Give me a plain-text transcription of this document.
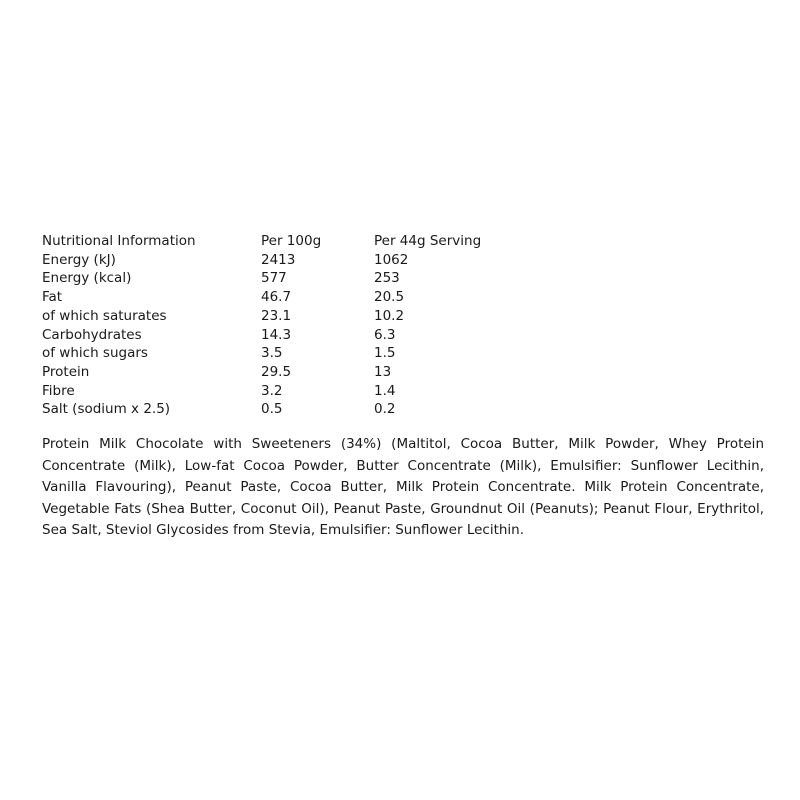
Nutritional Information	Per 100g	Per 44g Serving
Energy (kJ)	2413	1062
Energy (kcal)	577	253
Fat	46.7	20.5
of which saturates	23.1	10.2
Carbohydrates	14.3	6.3
of which sugars	3.5	1.5
Protein	29.5	13
Fibre	3.2	1.4
Salt (sodium x 2.5)	0.5	0.2

Protein Milk Chocolate with Sweeteners (34%) (Maltitol, Cocoa Butter, Milk Powder, Whey Protein Concentrate (Milk), Low-fat Cocoa Powder, Butter Concentrate (Milk), Emulsifier: Sunflower Lecithin, Vanilla Flavouring), Peanut Paste, Cocoa Butter, Milk Protein Concentrate. Milk Protein Concentrate, Vegetable Fats (Shea Butter, Coconut Oil), Peanut Paste, Groundnut Oil (Peanuts); Peanut Flour, Erythritol, Sea Salt, Steviol Glycosides from Stevia, Emulsifier: Sunflower Lecithin.
